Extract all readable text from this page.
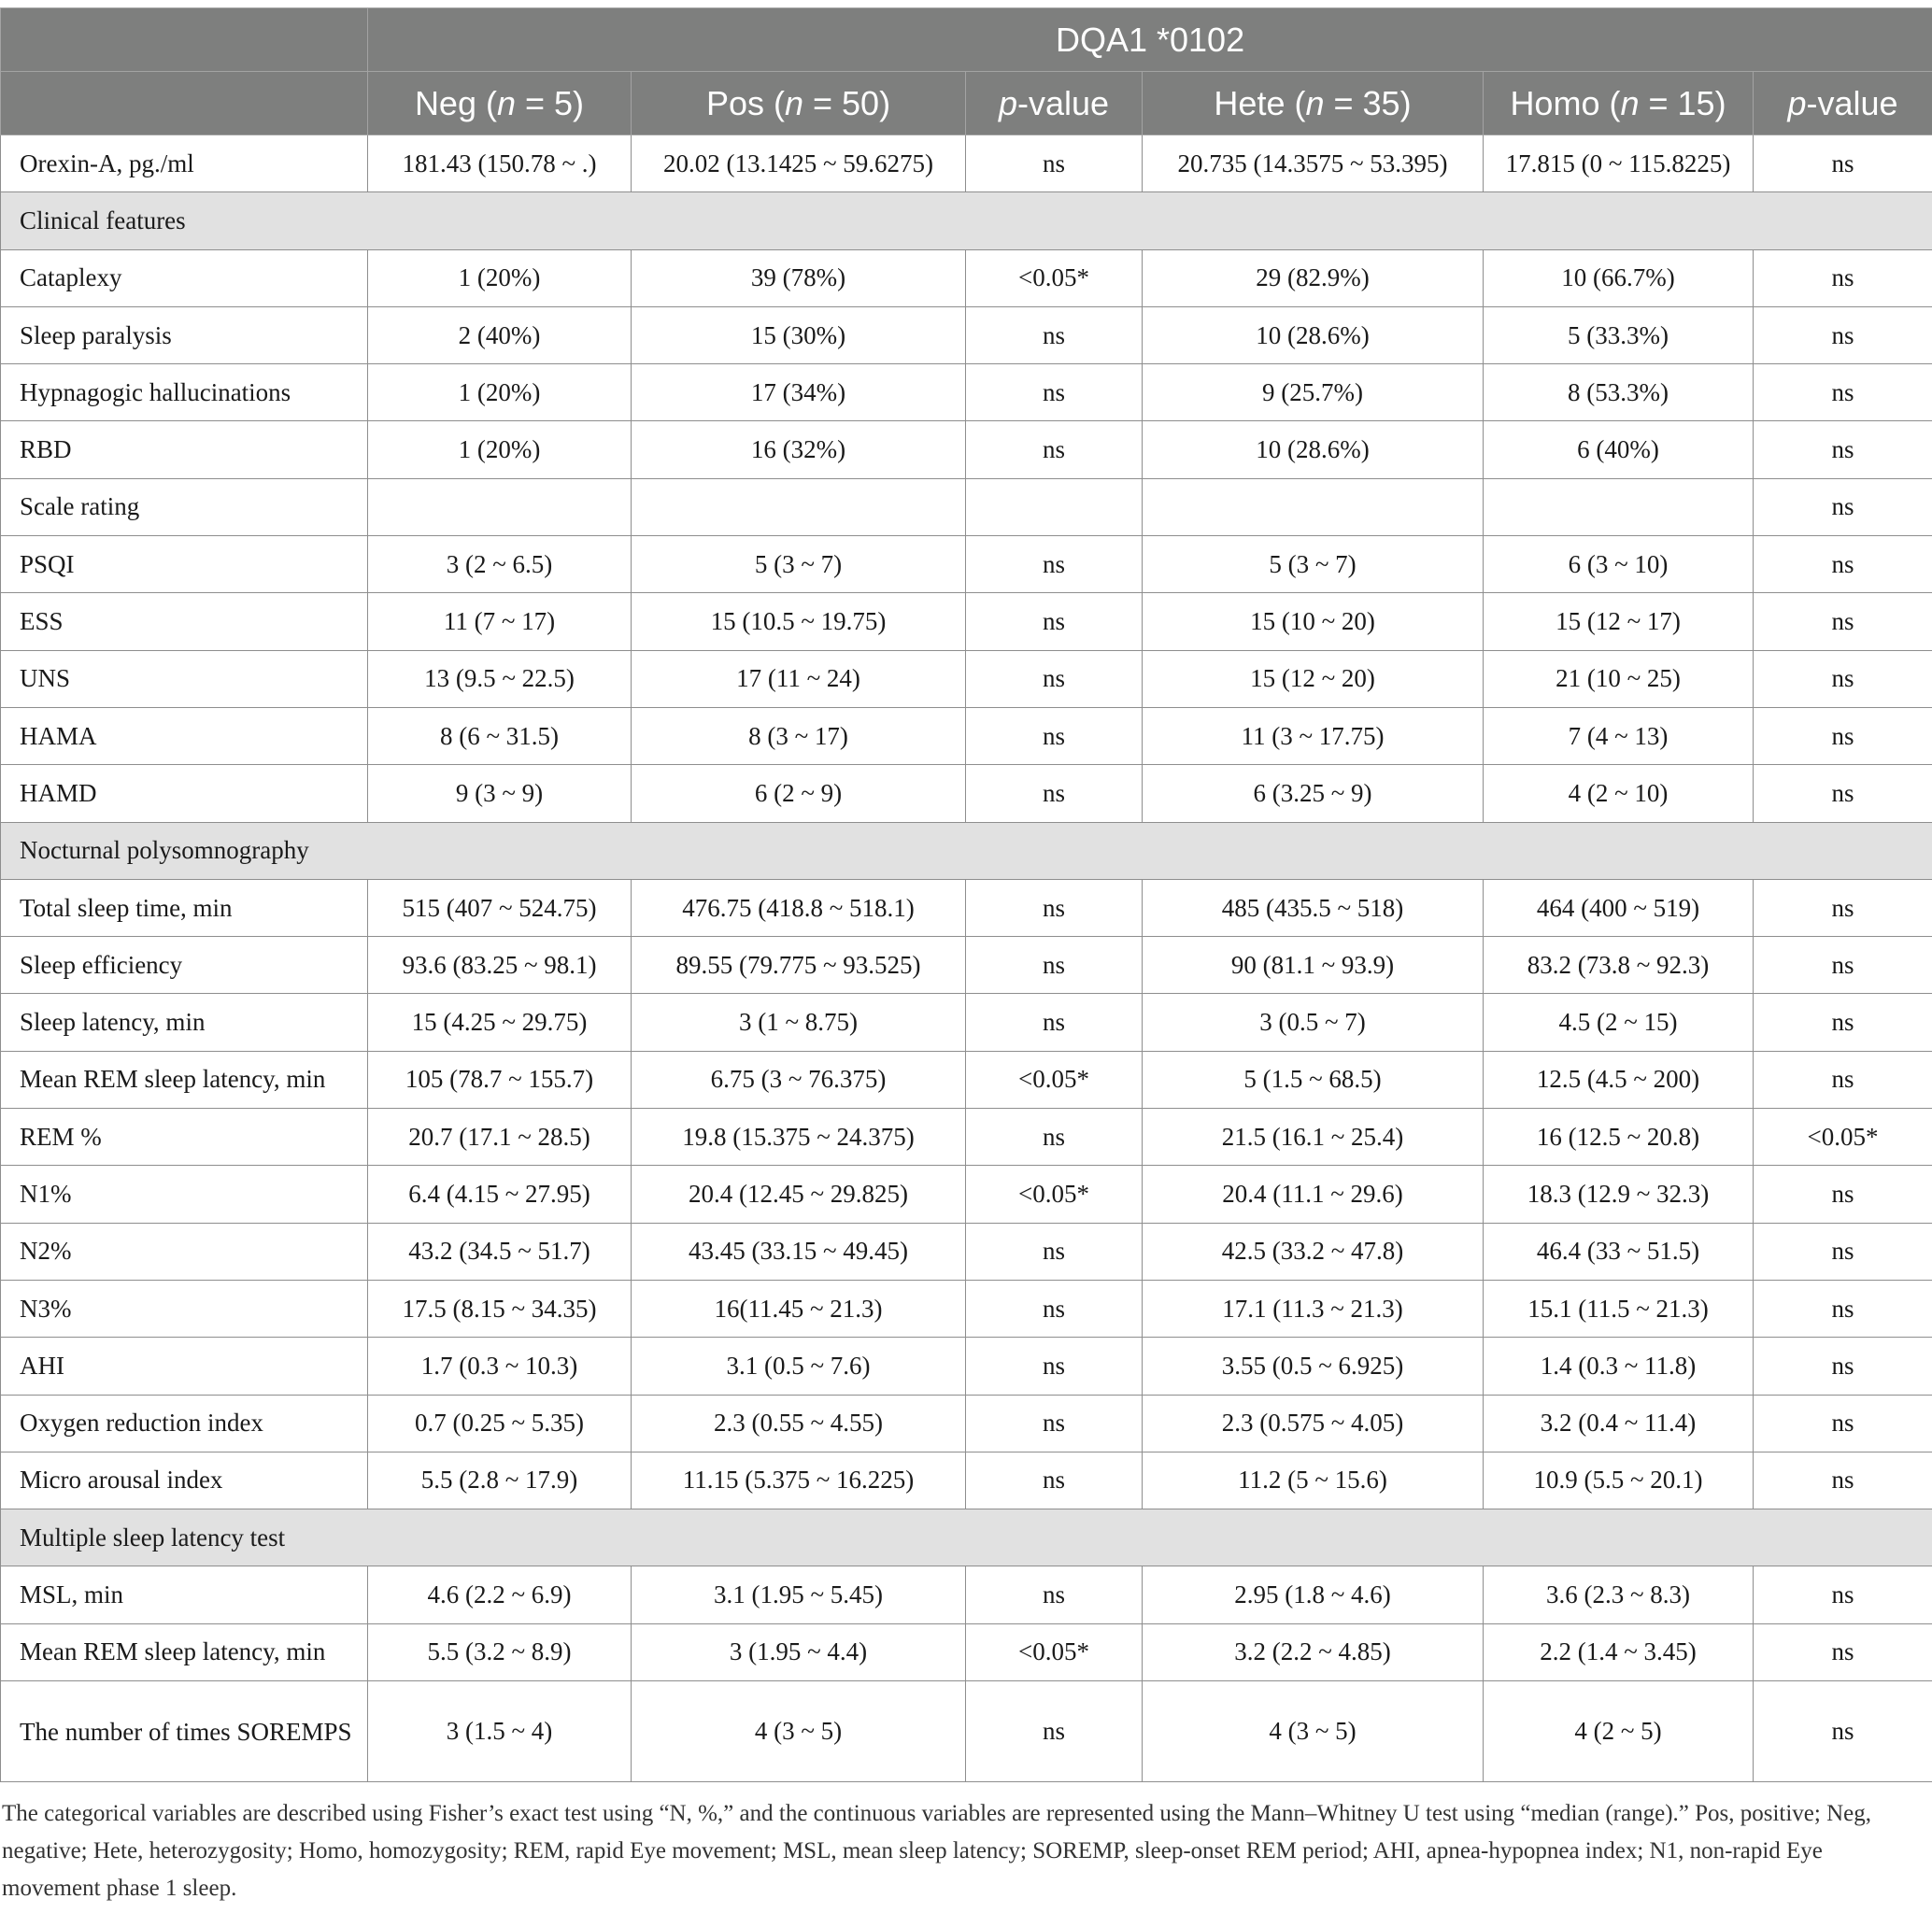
	DQA1 *0102					
	Neg (n = 5)	Pos (n = 50)	p-value	Hete (n = 35)	Homo (n = 15)	p-value
Orexin-A, pg./ml	181.43 (150.78 ~ .)	20.02 (13.1425 ~ 59.6275)	ns	20.735 (14.3575 ~ 53.395)	17.815 (0 ~ 115.8225)	ns
Clinical features						
Cataplexy	1 (20%)	39 (78%)	<0.05*	29 (82.9%)	10 (66.7%)	ns
Sleep paralysis	2 (40%)	15 (30%)	ns	10 (28.6%)	5 (33.3%)	ns
Hypnagogic hallucinations	1 (20%)	17 (34%)	ns	9 (25.7%)	8 (53.3%)	ns
RBD	1 (20%)	16 (32%)	ns	10 (28.6%)	6 (40%)	ns
Scale rating						ns
PSQI	3 (2 ~ 6.5)	5 (3 ~ 7)	ns	5 (3 ~ 7)	6 (3 ~ 10)	ns
ESS	11 (7 ~ 17)	15 (10.5 ~ 19.75)	ns	15 (10 ~ 20)	15 (12 ~ 17)	ns
UNS	13 (9.5 ~ 22.5)	17 (11 ~ 24)	ns	15 (12 ~ 20)	21 (10 ~ 25)	ns
HAMA	8 (6 ~ 31.5)	8 (3 ~ 17)	ns	11 (3 ~ 17.75)	7 (4 ~ 13)	ns
HAMD	9 (3 ~ 9)	6 (2 ~ 9)	ns	6 (3.25 ~ 9)	4 (2 ~ 10)	ns
Nocturnal polysomnography						
Total sleep time, min	515 (407 ~ 524.75)	476.75 (418.8 ~ 518.1)	ns	485 (435.5 ~ 518)	464 (400 ~ 519)	ns
Sleep efficiency	93.6 (83.25 ~ 98.1)	89.55 (79.775 ~ 93.525)	ns	90 (81.1 ~ 93.9)	83.2 (73.8 ~ 92.3)	ns
Sleep latency, min	15 (4.25 ~ 29.75)	3 (1 ~ 8.75)	ns	3 (0.5 ~ 7)	4.5 (2 ~ 15)	ns
Mean REM sleep latency, min	105 (78.7 ~ 155.7)	6.75 (3 ~ 76.375)	<0.05*	5 (1.5 ~ 68.5)	12.5 (4.5 ~ 200)	ns
REM %	20.7 (17.1 ~ 28.5)	19.8 (15.375 ~ 24.375)	ns	21.5 (16.1 ~ 25.4)	16 (12.5 ~ 20.8)	<0.05*
N1%	6.4 (4.15 ~ 27.95)	20.4 (12.45 ~ 29.825)	<0.05*	20.4 (11.1 ~ 29.6)	18.3 (12.9 ~ 32.3)	ns
N2%	43.2 (34.5 ~ 51.7)	43.45 (33.15 ~ 49.45)	ns	42.5 (33.2 ~ 47.8)	46.4 (33 ~ 51.5)	ns
N3%	17.5 (8.15 ~ 34.35)	16(11.45 ~ 21.3)	ns	17.1 (11.3 ~ 21.3)	15.1 (11.5 ~ 21.3)	ns
AHI	1.7 (0.3 ~ 10.3)	3.1 (0.5 ~ 7.6)	ns	3.55 (0.5 ~ 6.925)	1.4 (0.3 ~ 11.8)	ns
Oxygen reduction index	0.7 (0.25 ~ 5.35)	2.3 (0.55 ~ 4.55)	ns	2.3 (0.575 ~ 4.05)	3.2 (0.4 ~ 11.4)	ns
Micro arousal index	5.5 (2.8 ~ 17.9)	11.15 (5.375 ~ 16.225)	ns	11.2 (5 ~ 15.6)	10.9 (5.5 ~ 20.1)	ns
Multiple sleep latency test						
MSL, min	4.6 (2.2 ~ 6.9)	3.1 (1.95 ~ 5.45)	ns	2.95 (1.8 ~ 4.6)	3.6 (2.3 ~ 8.3)	ns
Mean REM sleep latency, min	5.5 (3.2 ~ 8.9)	3 (1.95 ~ 4.4)	<0.05*	3.2 (2.2 ~ 4.85)	2.2 (1.4 ~ 3.45)	ns
The number of times SOREMPS	3 (1.5 ~ 4)	4 (3 ~ 5)	ns	4 (3 ~ 5)	4 (2 ~ 5)	ns

The categorical variables are described using Fisher’s exact test using “N, %,” and the continuous variables are represented using the Mann–Whitney U test using “median (range).” Pos, positive; Neg, negative; Hete, heterozygosity; Homo, homozygosity; REM, rapid Eye movement; MSL, mean sleep latency; SOREMP, sleep-onset REM period; AHI, apnea-hypopnea index; N1, non-rapid Eye movement phase 1 sleep.
